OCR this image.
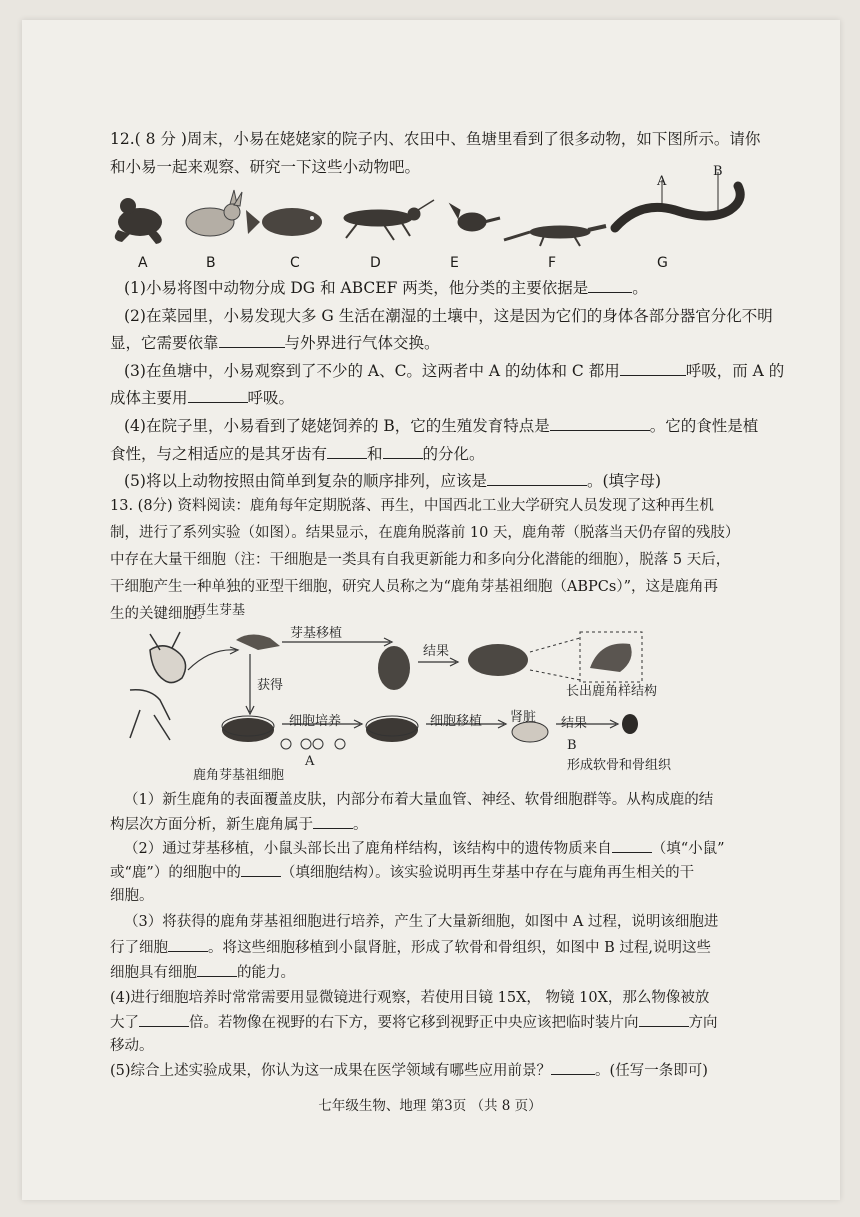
12.( 8 分 )周末，小易在姥姥家的院子内、农田中、鱼塘里看到了很多动物，如下图所示。请你
和小易一起来观察、研究一下这些小动物吧。
A
B
A	B	C	D	E	F	G
(1)小易将图中动物分成 DG 和 ABCEF 两类，他分类的主要依据是	。
(2)在菜园里，小易发现大多 G 生活在潮湿的土壤中，这是因为它们的身体各部分器官分化不明
显，它需要依靠	与外界进行气体交换。
(3)在鱼塘中，小易观察到了不少的 A、C。这两者中 A 的幼体和 C 都用	呼吸，而 A 的
成体主要用	呼吸。
(4)在院子里，小易看到了姥姥饲养的 B，它的生殖发育特点是	。它的食性是植
食性，与之相适应的是其牙齿有	和	的分化。
(5)将以上动物按照由简单到复杂的顺序排列，应该是	。(填字母)
13. (8分) 资料阅读：鹿角每年定期脱落、再生，中国西北工业大学研究人员发现了这种再生机
制，进行了系列实验（如图）。结果显示，在鹿角脱落前 10 天，鹿角蒂（脱落当天仍存留的残肢）
中存在大量干细胞（注：干细胞是一类具有自我更新能力和多向分化潜能的细胞），脱落 5 天后，
干细胞产生一种单独的亚型干细胞，研究人员称之为“鹿角芽基祖细胞（ABPCs）”，这是鹿角再
生的关键细胞。
再生芽基
芽基移植
结果
长出鹿角样结构
获得
细胞培养	细胞移植 肾脏 结果
鹿角芽基祖细胞
A
B
形成软骨和骨组织
（1）新生鹿角的表面覆盖皮肤，内部分布着大量血管、神经、软骨细胞群等。从构成鹿的结
构层次方面分析，新生鹿角属于	。
（2）通过芽基移植，小鼠头部长出了鹿角样结构，该结构中的遗传物质来自	（填“小鼠”
或“鹿”）的细胞中的	（填细胞结构）。该实验说明再生芽基中存在与鹿角再生相关的干
细胞。
（3）将获得的鹿角芽基祖细胞进行培养，产生了大量新细胞，如图中 A 过程，说明该细胞进
行了细胞	。将这些细胞移植到小鼠肾脏，形成了软骨和骨组织，如图中 B 过程,说明这些
细胞具有细胞	的能力。
(4)进行细胞培养时常常需要用显微镜进行观察，若使用目镜 15X， 物镜 10X，那么物像被放
大了	倍。若物像在视野的右下方，要将它移到视野正中央应该把临时装片向	方向
移动。
(5)综合上述实验成果，你认为这一成果在医学领域有哪些应用前景？	。(任写一条即可)
七年级生物、地理 第3页 （共 8 页）
